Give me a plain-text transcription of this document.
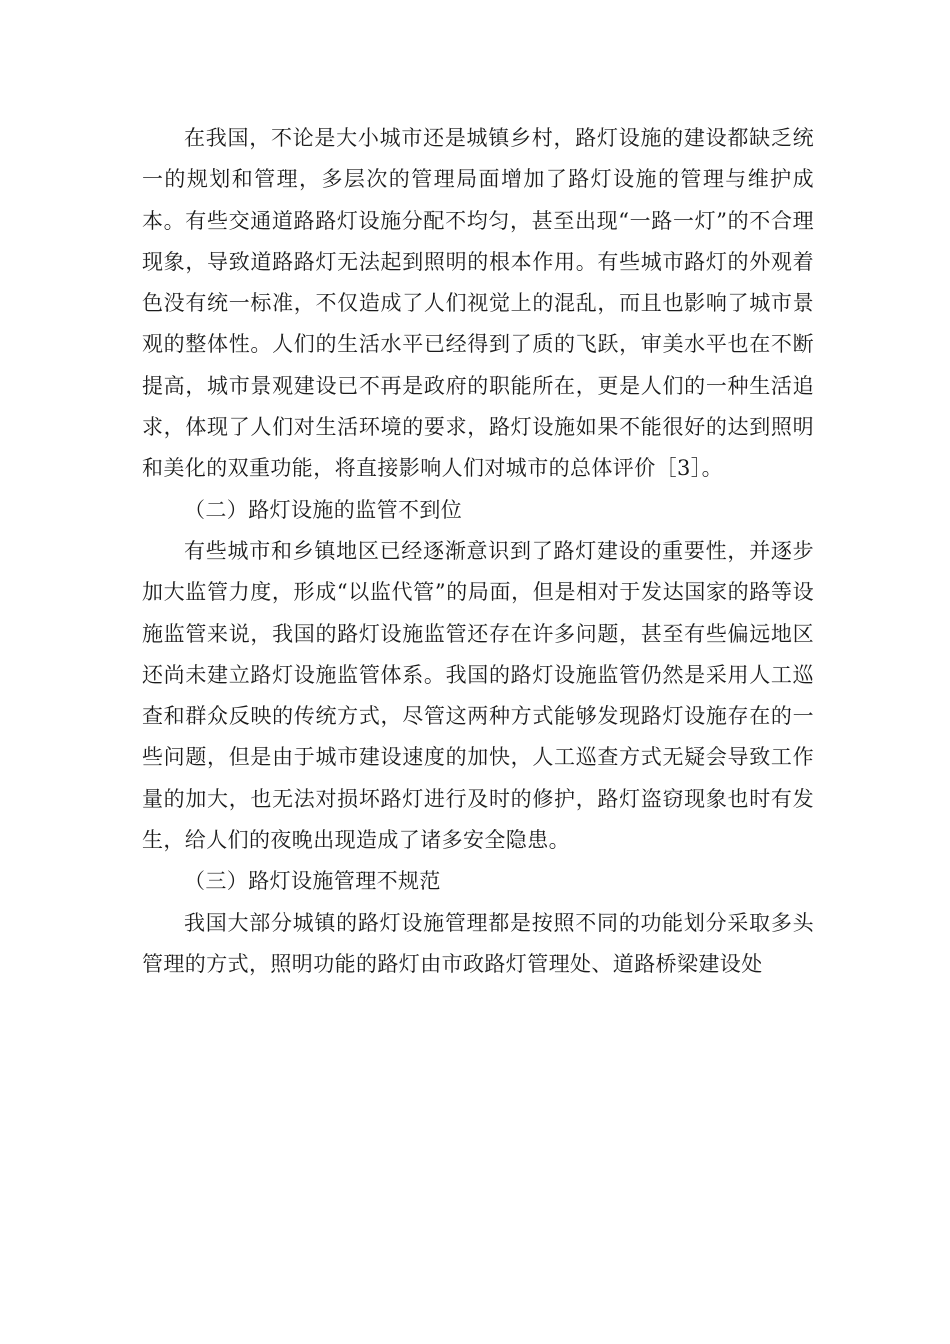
在我国，不论是大小城市还是城镇乡村，路灯设施的建设都缺乏统一的规划和管理，多层次的管理局面增加了路灯设施的管理与维护成本。有些交通道路路灯设施分配不均匀，甚至出现“一路一灯”的不合理现象，导致道路路灯无法起到照明的根本作用。有些城市路灯的外观着色没有统一标准，不仅造成了人们视觉上的混乱，而且也影响了城市景观的整体性。人们的生活水平已经得到了质的飞跃，审美水平也在不断提高，城市景观建设已不再是政府的职能所在，更是人们的一种生活追求，体现了人们对生活环境的要求，路灯设施如果不能很好的达到照明和美化的双重功能，将直接影响人们对城市的总体评价［3］。

（二）路灯设施的监管不到位

有些城市和乡镇地区已经逐渐意识到了路灯建设的重要性，并逐步加大监管力度，形成“以监代管”的局面，但是相对于发达国家的路等设施监管来说，我国的路灯设施监管还存在许多问题，甚至有些偏远地区还尚未建立路灯设施监管体系。我国的路灯设施监管仍然是采用人工巡查和群众反映的传统方式，尽管这两种方式能够发现路灯设施存在的一些问题，但是由于城市建设速度的加快，人工巡查方式无疑会导致工作量的加大，也无法对损坏路灯进行及时的修护，路灯盗窃现象也时有发生，给人们的夜晚出现造成了诸多安全隐患。

（三）路灯设施管理不规范

我国大部分城镇的路灯设施管理都是按照不同的功能划分采取多头管理的方式，照明功能的路灯由市政路灯管理处、道路桥梁建设处
